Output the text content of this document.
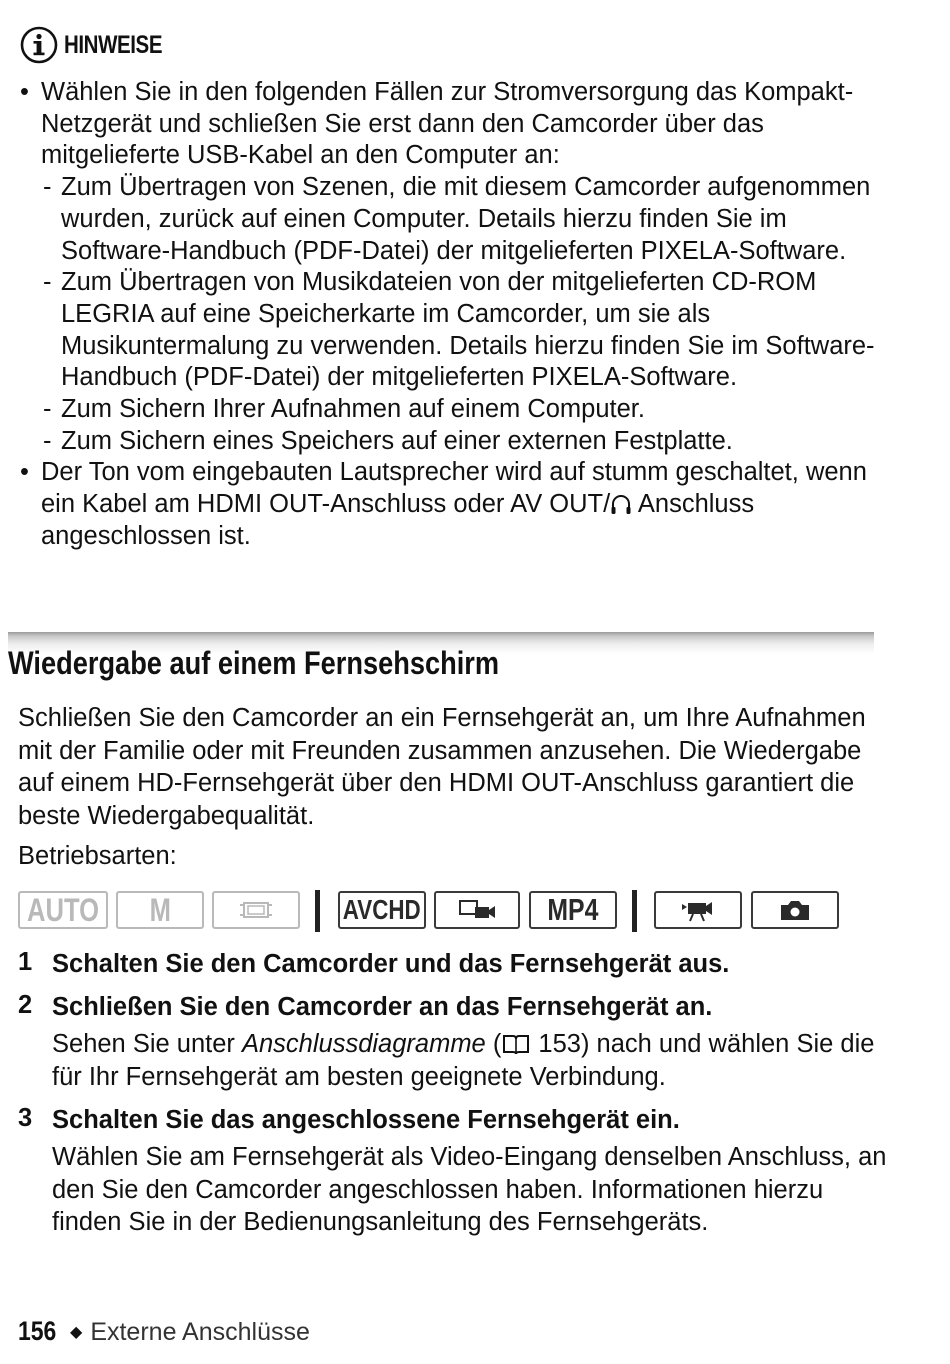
HINWEISE
• Wählen Sie in den folgenden Fällen zur Stromversorgung das Kompakt-Netzgerät und schließen Sie erst dann den Camcorder über das mitgelieferte USB-Kabel an den Computer an:
- Zum Übertragen von Szenen, die mit diesem Camcorder aufgenommen wurden, zurück auf einen Computer. Details hierzu finden Sie im Software-Handbuch (PDF-Datei) der mitgelieferten PIXELA-Software.
- Zum Übertragen von Musikdateien von der mitgelieferten CD-ROM LEGRIA auf eine Speicherkarte im Camcorder, um sie als Musikuntermalung zu verwenden. Details hierzu finden Sie im Software-Handbuch (PDF-Datei) der mitgelieferten PIXELA-Software.
- Zum Sichern Ihrer Aufnahmen auf einem Computer.
- Zum Sichern eines Speichers auf einer externen Festplatte.
• Der Ton vom eingebauten Lautsprecher wird auf stumm geschaltet, wenn ein Kabel am HDMI OUT-Anschluss oder AV OUT/ Anschluss angeschlossen ist.
Wiedergabe auf einem Fernsehschirm
Schließen Sie den Camcorder an ein Fernsehgerät an, um Ihre Aufnahmen mit der Familie oder mit Freunden zusammen anzusehen. Die Wiedergabe auf einem HD-Fernsehgerät über den HDMI OUT-Anschluss garantiert die beste Wiedergabequalität.
Betriebsarten:
AUTO M	AVCHD	MP4
1 Schalten Sie den Camcorder und das Fernsehgerät aus.
2 Schließen Sie den Camcorder an das Fernsehgerät an.
Sehen Sie unter Anschlussdiagramme ( 153) nach und wählen Sie die für Ihr Fernsehgerät am besten geeignete Verbindung.
3 Schalten Sie das angeschlossene Fernsehgerät ein.
Wählen Sie am Fernsehgerät als Video-Eingang denselben Anschluss, an den Sie den Camcorder angeschlossen haben. Informationen hierzu finden Sie in der Bedienungsanleitung des Fernsehgeräts.
156 ◆ Externe Anschlüsse
